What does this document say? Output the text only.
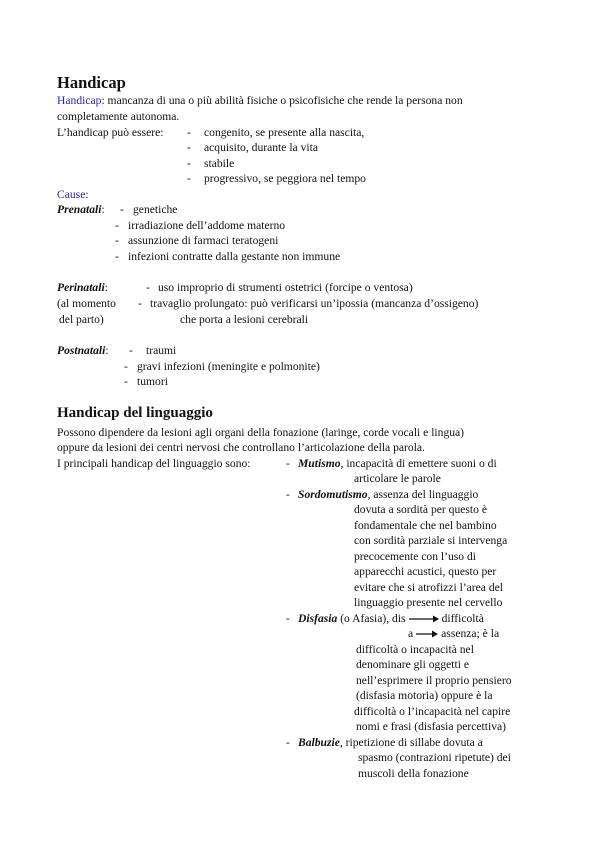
Handicap
Handicap: mancanza di una o più abilità fisiche o psicofisiche che rende la persona non
completamente autonoma.
L’handicap può essere: - congenito, se presente alla nascita,
- acquisito, durante la vita
- stabile
- progressivo, se peggiora nel tempo
Cause:
Prenatali: - genetiche
- irradiazione dell’addome materno
- assunzione di farmaci teratogeni
- infezioni contratte dalla gestante non immune
Perinatali:	- uso improprio di strumenti ostetrici (forcipe o ventosa)
(al momento - travaglio prolungato: può verificarsi un’ipossia (mancanza d’ossigeno)
del parto)	che porta a lesioni cerebrali
Postnatali: - traumi
- gravi infezioni (meningite e polmonite)
- tumori
Handicap del linguaggio
Possono dipendere da lesioni agli organi della fonazione (laringe, corde vocali e lingua)
oppure da lesioni dei centri nervosi che controllano l’articolazione della parola.
I principali handicap del linguaggio sono:	- Mutismo, incapacità di emettere suoni o di
articolare le parole
- Sordomutismo, assenza del linguaggio
dovuta a sordità per questo è
fondamentale che nel bambino
con sordità parziale si intervenga
precocemente con l’uso di
apparecchi acustici, questo per
evitare che si atrofizzi l’area del
linguaggio presente nel cervello
- Disfasia (o Afasia), dis	difficoltà
a assenza; è la
difficoltà o incapacità nel
denominare gli oggetti e
nell’esprimere il proprio pensiero
(disfasia motoria) oppure è la
difficoltà o l’incapacità nel capire
nomi e frasi (disfasia percettiva)
- Balbuzie, ripetizione di sillabe dovuta a
spasmo (contrazioni ripetute) dei
muscoli della fonazione
